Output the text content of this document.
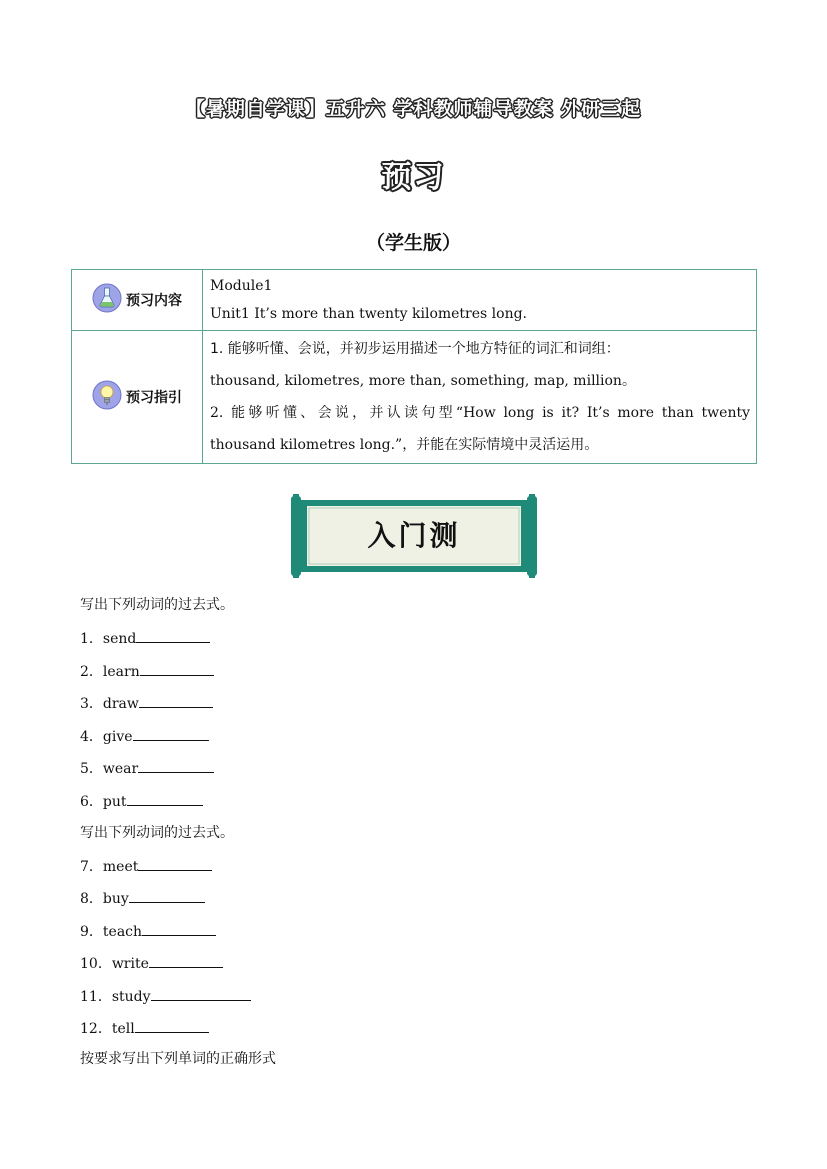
【暑期自学课】五升六 学科教师辅导教案 外研三起
预习
（学生版）
预习内容	Module1
Unit1 It’s more than twenty kilometres long.

预习指引	1. 能够听懂、会说，并初步运用描述一个地方特征的词汇和词组：
thousand, kilometres, more than, something, map, million。
2. 能够听懂、会说，并认读句型“How long is it? It’s more than twenty
thousand kilometres long.”，并能在实际情境中灵活运用。
入门测
写出下列动词的过去式。
1．send
2．learn
3．draw
4．give
5．wear
6．put
写出下列动词的过去式。
7．meet
8．buy
9．teach
10．write
11．study
12．tell
按要求写出下列单词的正确形式
